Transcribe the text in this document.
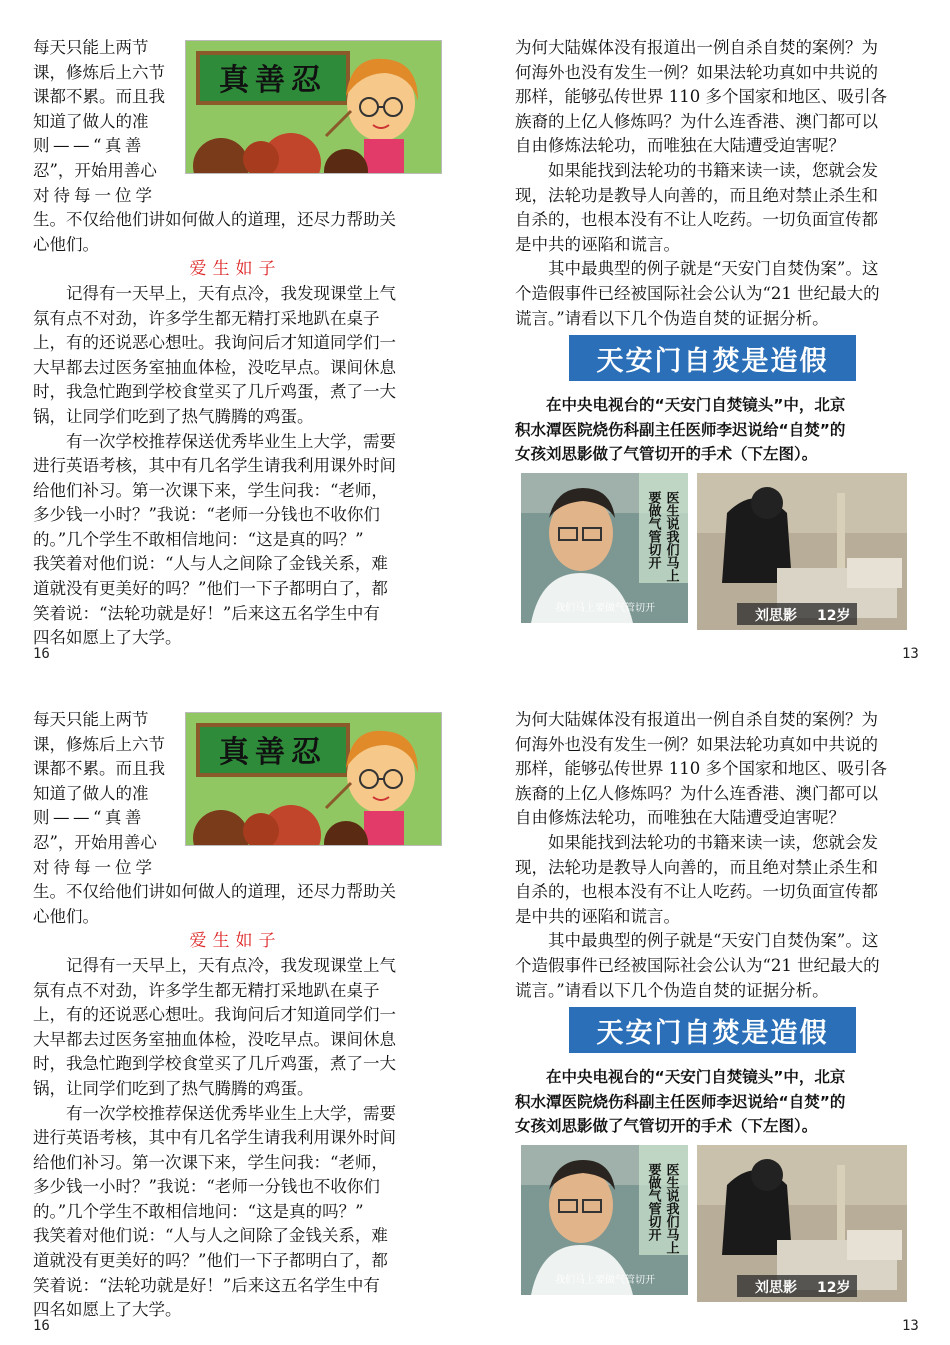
真善忍
每天只能上两节
课，修炼后上六节
课都不累。而且我
知道了做人的准
则——“真善
忍”，开始用善心
对待每一位学
生。不仅给他们讲如何做人的道理，还尽力帮助关
心他们。
爱生如子
　　记得有一天早上，天有点冷，我发现课堂上气
氛有点不对劲，许多学生都无精打采地趴在桌子
上，有的还说恶心想吐。我询问后才知道同学们一
大早都去过医务室抽血体检，没吃早点。课间休息
时，我急忙跑到学校食堂买了几斤鸡蛋，煮了一大
锅，让同学们吃到了热气腾腾的鸡蛋。
　　有一次学校推荐保送优秀毕业生上大学，需要
进行英语考核，其中有几名学生请我利用课外时间
给他们补习。第一次课下来，学生问我：“老师，
多少钱一小时？”我说：“老师一分钱也不收你们
的。”几个学生不敢相信地问：“这是真的吗？”
我笑着对他们说：“人与人之间除了金钱关系，难
道就没有更美好的吗？”他们一下子都明白了，都
笑着说：“法轮功就是好！”后来这五名学生中有
四名如愿上了大学。
16
为何大陆媒体没有报道出一例自杀自焚的案例？为
何海外也没有发生一例？如果法轮功真如中共说的
那样，能够弘传世界 110 多个国家和地区、吸引各
族裔的上亿人修炼吗？为什么连香港、澳门都可以
自由修炼法轮功，而唯独在大陆遭受迫害呢？
　　如果能找到法轮功的书籍来读一读，您就会发
现，法轮功是教导人向善的，而且绝对禁止杀生和
自杀的，也根本没有不让人吃药。一切负面宣传都
是中共的诬陷和谎言。
　　其中最典型的例子就是“天安门自焚伪案”。这
个造假事件已经被国际社会公认为“21 世纪最大的
谎言。”请看以下几个伪造自焚的证据分析。
天安门自焚是造假
　　在中央电视台的“天安门自焚镜头”中，北京
积水潭医院烧伤科副主任医师李迟说给“自焚”的
女孩刘思影做了气管切开的手术（下左图）。
医生说我们马上
要做气管切开
我们马上要做气管切开	刘思影 12岁
13
真善忍
每天只能上两节
课，修炼后上六节
课都不累。而且我
知道了做人的准
则——“真善
忍”，开始用善心
对待每一位学
生。不仅给他们讲如何做人的道理，还尽力帮助关
心他们。
爱生如子
　　记得有一天早上，天有点冷，我发现课堂上气
氛有点不对劲，许多学生都无精打采地趴在桌子
上，有的还说恶心想吐。我询问后才知道同学们一
大早都去过医务室抽血体检，没吃早点。课间休息
时，我急忙跑到学校食堂买了几斤鸡蛋，煮了一大
锅，让同学们吃到了热气腾腾的鸡蛋。
　　有一次学校推荐保送优秀毕业生上大学，需要
进行英语考核，其中有几名学生请我利用课外时间
给他们补习。第一次课下来，学生问我：“老师，
多少钱一小时？”我说：“老师一分钱也不收你们
的。”几个学生不敢相信地问：“这是真的吗？”
我笑着对他们说：“人与人之间除了金钱关系，难
道就没有更美好的吗？”他们一下子都明白了，都
笑着说：“法轮功就是好！”后来这五名学生中有
四名如愿上了大学。
16
为何大陆媒体没有报道出一例自杀自焚的案例？为
何海外也没有发生一例？如果法轮功真如中共说的
那样，能够弘传世界 110 多个国家和地区、吸引各
族裔的上亿人修炼吗？为什么连香港、澳门都可以
自由修炼法轮功，而唯独在大陆遭受迫害呢？
　　如果能找到法轮功的书籍来读一读，您就会发
现，法轮功是教导人向善的，而且绝对禁止杀生和
自杀的，也根本没有不让人吃药。一切负面宣传都
是中共的诬陷和谎言。
　　其中最典型的例子就是“天安门自焚伪案”。这
个造假事件已经被国际社会公认为“21 世纪最大的
谎言。”请看以下几个伪造自焚的证据分析。
天安门自焚是造假
　　在中央电视台的“天安门自焚镜头”中，北京
积水潭医院烧伤科副主任医师李迟说给“自焚”的
女孩刘思影做了气管切开的手术（下左图）。
医生说我们马上
要做气管切开
我们马上要做气管切开	刘思影 12岁
13
